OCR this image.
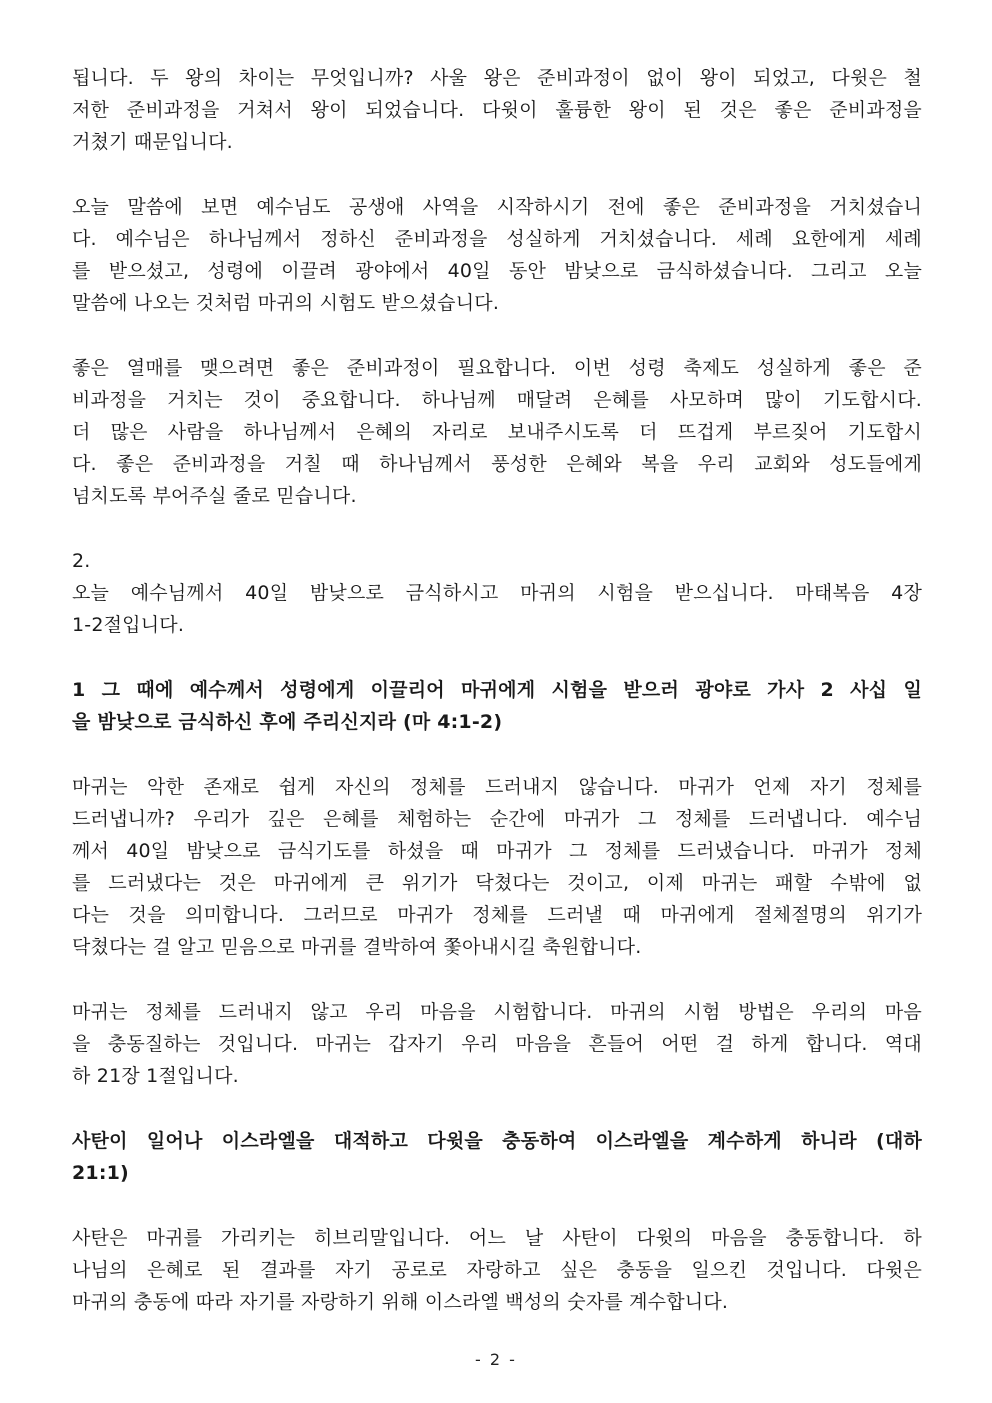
됩니다. 두 왕의 차이는 무엇입니까? 사울 왕은 준비과정이 없이 왕이 되었고, 다윗은 철
저한 준비과정을 거쳐서 왕이 되었습니다. 다윗이 훌륭한 왕이 된 것은 좋은 준비과정을
거쳤기 때문입니다.
오늘 말씀에 보면 예수님도 공생애 사역을 시작하시기 전에 좋은 준비과정을 거치셨습니
다. 예수님은 하나님께서 정하신 준비과정을 성실하게 거치셨습니다. 세례 요한에게 세례
를 받으셨고, 성령에 이끌려 광야에서 40일 동안 밤낮으로 금식하셨습니다. 그리고 오늘
말씀에 나오는 것처럼 마귀의 시험도 받으셨습니다.
좋은 열매를 맺으려면 좋은 준비과정이 필요합니다. 이번 성령 축제도 성실하게 좋은 준
비과정을 거치는 것이 중요합니다. 하나님께 매달려 은혜를 사모하며 많이 기도합시다.
더 많은 사람을 하나님께서 은혜의 자리로 보내주시도록 더 뜨겁게 부르짖어 기도합시
다. 좋은 준비과정을 거칠 때 하나님께서 풍성한 은혜와 복을 우리 교회와 성도들에게
넘치도록 부어주실 줄로 믿습니다.
2.
오늘 예수님께서 40일 밤낮으로 금식하시고 마귀의 시험을 받으십니다. 마태복음 4장
1-2절입니다.
1 그 때에 예수께서 성령에게 이끌리어 마귀에게 시험을 받으러 광야로 가사 2 사십 일
을 밤낮으로 금식하신 후에 주리신지라 (마 4:1-2)
마귀는 악한 존재로 쉽게 자신의 정체를 드러내지 않습니다. 마귀가 언제 자기 정체를
드러냅니까? 우리가 깊은 은혜를 체험하는 순간에 마귀가 그 정체를 드러냅니다. 예수님
께서 40일 밤낮으로 금식기도를 하셨을 때 마귀가 그 정체를 드러냈습니다. 마귀가 정체
를 드러냈다는 것은 마귀에게 큰 위기가 닥쳤다는 것이고, 이제 마귀는 패할 수밖에 없
다는 것을 의미합니다. 그러므로 마귀가 정체를 드러낼 때 마귀에게 절체절명의 위기가
닥쳤다는 걸 알고 믿음으로 마귀를 결박하여 쫓아내시길 축원합니다.
마귀는 정체를 드러내지 않고 우리 마음을 시험합니다. 마귀의 시험 방법은 우리의 마음
을 충동질하는 것입니다. 마귀는 갑자기 우리 마음을 흔들어 어떤 걸 하게 합니다. 역대
하 21장 1절입니다.
사탄이 일어나 이스라엘을 대적하고 다윗을 충동하여 이스라엘을 계수하게 하니라 (대하
21:1)
사탄은 마귀를 가리키는 히브리말입니다. 어느 날 사탄이 다윗의 마음을 충동합니다. 하
나님의 은혜로 된 결과를 자기 공로로 자랑하고 싶은 충동을 일으킨 것입니다. 다윗은
마귀의 충동에 따라 자기를 자랑하기 위해 이스라엘 백성의 숫자를 계수합니다.
- 2 -
